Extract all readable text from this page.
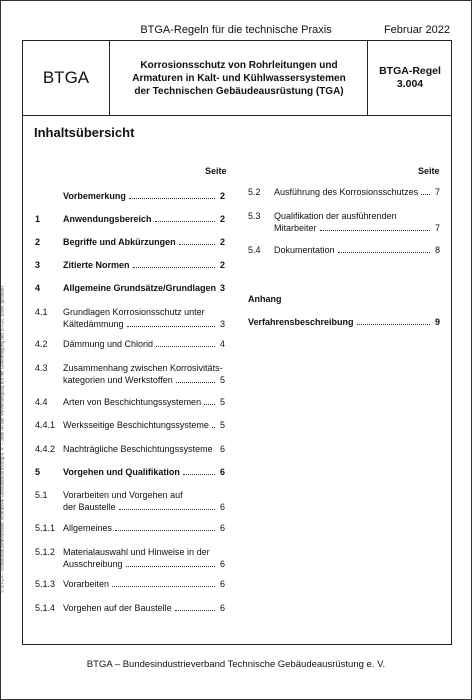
BTGA-Regeln für die technische Praxis	Februar 2022
BTGA
Korrosionsschutz von Rohrleitungen und
Armaturen in Kalt- und Kühlwassersystemen
der Technischen Gebäudeausrüstung (TGA)
BTGA-Regel
3.004
Inhaltsübersicht
Seite	Seite
Vorbemerkung	2
1	Anwendungsbereich	2
2	Begriffe und Abkürzungen	2
3	Zitierte Normen	2
4	Allgemeine Grundsätze/Grundlagen 3
4.1 Grundlagen Korrosionsschutz unter
Kältedämmung	3
4.2 Dämmung und Chlorid	4
4.3 Zusammenhang zwischen Korrosivitäts-
kategorien und Werkstoffen	5
4.4 Arten von Beschichtungssystemen 5
4.4.1 Werksseitige Beschichtungssysteme 5
4.4.2 Nachträgliche Beschichtungssysteme 6
5	Vorgehen und Qualifikation	6
5.1 Vorarbeiten und Vorgehen auf
der Baustelle	6
5.1.1 Allgemeines	6
5.1.2 Materialauswahl und Hinweise in der
Ausschreibung	6
5.1.3 Vorarbeiten	6
5.1.4 Vorgehen auf der Baustelle	6
5.2 Ausführung des Korrosionsschutzes 7
5.3 Qualifikation der ausführenden
Mitarbeiter	7
5.4 Dokumentation	8
Anhang
Verfahrensbeschreibung	9
BTGA – Bundesindustrieverband Technische Gebäudeausrüstung e. V.
© BTGA – Bundesindustrieverband Technische Gebäudeausrüstung e. V. – Jede Art der Vervielfältigung nur mit Genehmigung des BTGA, Bonn, gestattet.
